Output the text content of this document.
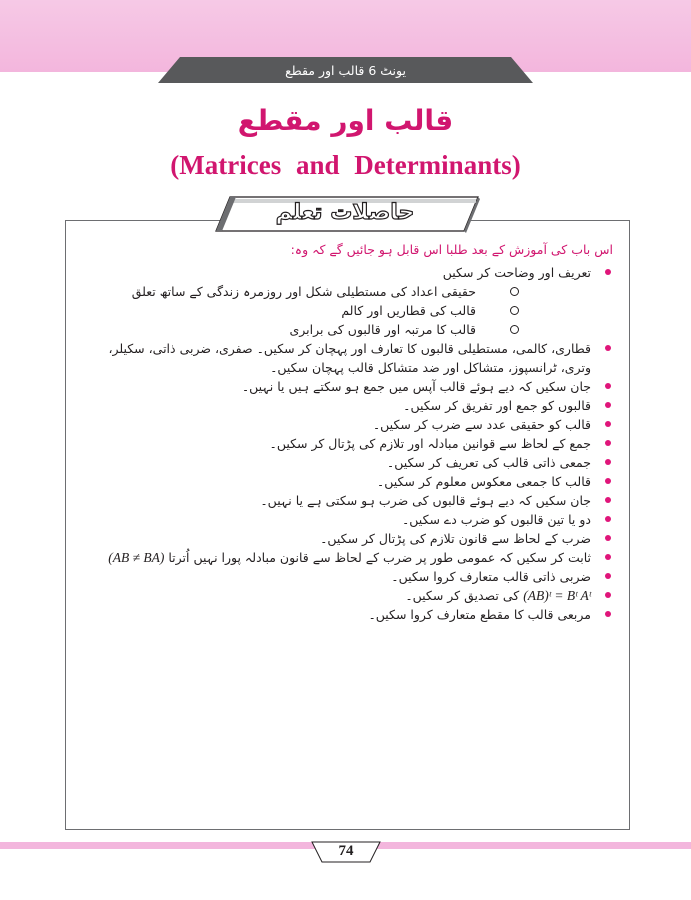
یونٹ 6 قالب اور مقطع
قالب اور مقطع
(Matrices and Determinants)
حاصلات تعلم
اس باب کی آموزش کے بعد طلبا اس قابل ہو جائیں گے کہ وہ:
تعریف اور وضاحت کر سکیں
حقیقی اعداد کی مستطیلی شکل اور روزمرہ زندگی کے ساتھ تعلق
قالب کی قطاریں اور کالم
قالب کا مرتبہ اور قالبوں کی برابری
قطاری، کالمی، مستطیلی قالبوں کا تعارف اور پہچان کر سکیں۔ صفری، ضربی ذاتی، سکیلر، وتری، ٹرانسپوز، متشاکل اور ضد متشاکل قالب پہچان سکیں۔
جان سکیں کہ دیے ہوئے قالب آپس میں جمع ہو سکتے ہیں یا نہیں۔
قالبوں کو جمع اور تفریق کر سکیں۔
قالب کو حقیقی عدد سے ضرب کر سکیں۔
جمع کے لحاظ سے قوانین مبادلہ اور تلازم کی پڑتال کر سکیں۔
جمعی ذاتی قالب کی تعریف کر سکیں۔
قالب کا جمعی معکوس معلوم کر سکیں۔
جان سکیں کہ دیے ہوئے قالبوں کی ضرب ہو سکتی ہے یا نہیں۔
دو یا تین قالبوں کو ضرب دے سکیں۔
ضرب کے لحاظ سے قانون تلازم کی پڑتال کر سکیں۔
ثابت کر سکیں کہ عمومی طور پر ضرب کے لحاظ سے قانون مبادلہ پورا نہیں اُترتا (AB ≠ BA)
ضربی ذاتی قالب متعارف کروا سکیں۔
(AB)ᵗ = Bᵗ Aᵗ کی تصدیق کر سکیں۔
مربعی قالب کا مقطع متعارف کروا سکیں۔
74
